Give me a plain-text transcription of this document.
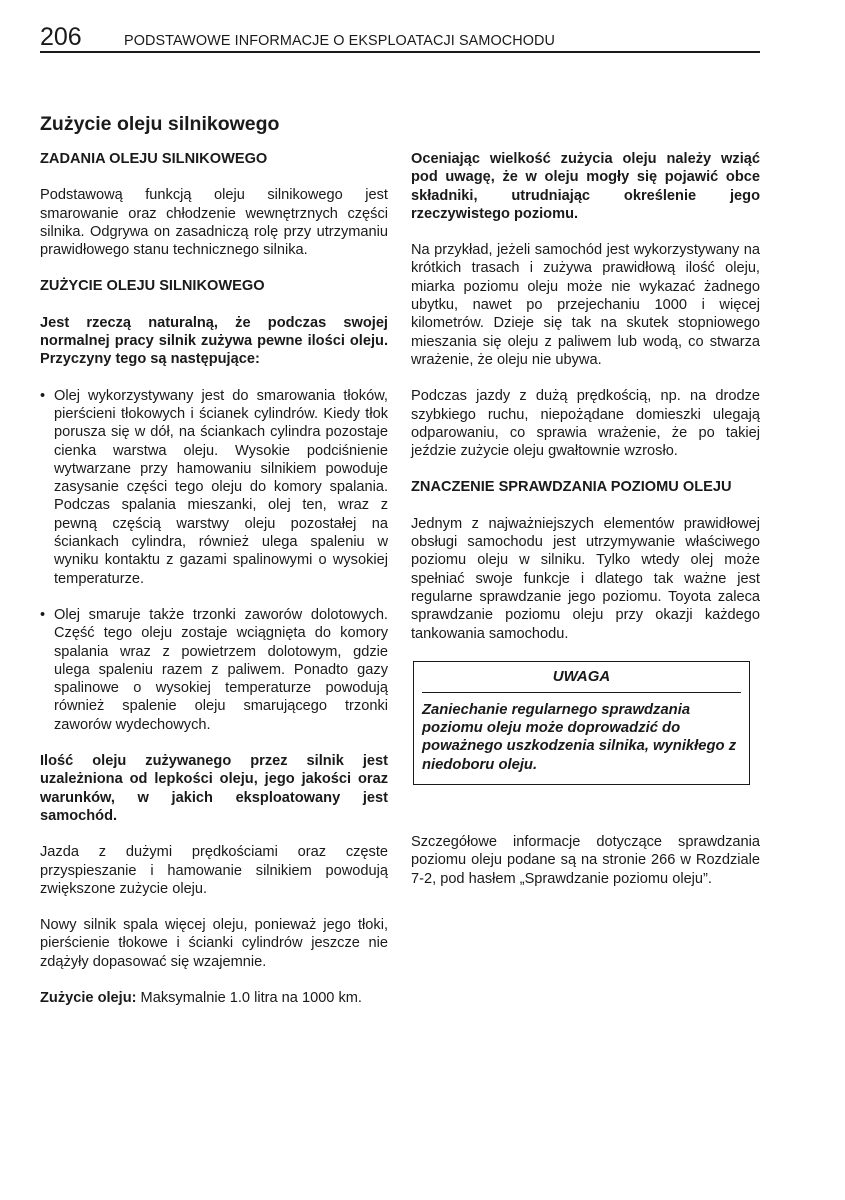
206	PODSTAWOWE INFORMACJE O EKSPLOATACJI SAMOCHODU
Zużycie oleju silnikowego
ZADANIA OLEJU SILNIKOWEGO

Podstawową funkcją oleju silnikowego jest smarowanie oraz chłodzenie wewnętrznych części silnika. Odgrywa on zasadniczą rolę przy utrzymaniu prawidłowego stanu technicznego silnika.

ZUŻYCIE OLEJU SILNIKOWEGO

Jest rzeczą naturalną, że podczas swojej normalnej pracy silnik zużywa pewne ilości oleju. Przyczyny tego są następujące:

• Olej wykorzystywany jest do smarowania tłoków, pierścieni tłokowych i ścianek cylindrów. Kiedy tłok porusza się w dół, na ściankach cylindra pozostaje cienka warstwa oleju. Wysokie podciśnienie wytwarzane przy hamowaniu silnikiem powoduje zasysanie części tego oleju do komory spalania. Podczas spalania mieszanki, olej ten, wraz z pewną częścią warstwy oleju pozostałej na ściankach cylindra, również ulega spaleniu w wyniku kontaktu z gazami spalinowymi o wysokiej temperaturze.
• Olej smaruje także trzonki zaworów dolotowych. Część tego oleju zostaje wciągnięta do komory spalania wraz z powietrzem dolotowym, gdzie ulega spaleniu razem z paliwem. Ponadto gazy spalinowe o wysokiej temperaturze powodują również spalenie oleju smarującego trzonki zaworów wydechowych.

Ilość oleju zużywanego przez silnik jest uzależniona od lepkości oleju, jego jakości oraz warunków, w jakich eksploatowany jest samochód.

Jazda z dużymi prędkościami oraz częste przyspieszanie i hamowanie silnikiem powodują zwiększone zużycie oleju.

Nowy silnik spala więcej oleju, ponieważ jego tłoki, pierścienie tłokowe i ścianki cylindrów jeszcze nie zdążyły dopasować się wzajemnie.

Zużycie oleju: Maksymalnie 1.0 litra na 1000 km.

Oceniając wielkość zużycia oleju należy wziąć pod uwagę, że w oleju mogły się pojawić obce składniki, utrudniając określenie jego rzeczywistego poziomu.

Na przykład, jeżeli samochód jest wykorzystywany na krótkich trasach i zużywa prawidłową ilość oleju, miarka poziomu oleju może nie wykazać żadnego ubytku, nawet po przejechaniu 1000 i więcej kilometrów. Dzieje się tak na skutek stopniowego mieszania się oleju z paliwem lub wodą, co stwarza wrażenie, że oleju nie ubywa.

Podczas jazdy z dużą prędkością, np. na drodze szybkiego ruchu, niepożądane domieszki ulegają odparowaniu, co sprawia wrażenie, że po takiej jeździe zużycie oleju gwałtownie wzrosło.

ZNACZENIE SPRAWDZANIA POZIOMU OLEJU

Jednym z najważniejszych elementów prawidłowej obsługi samochodu jest utrzymywanie właściwego poziomu oleju w silniku. Tylko wtedy olej może spełniać swoje funkcje i dlatego tak ważne jest regularne sprawdzanie jego poziomu. Toyota zaleca sprawdzanie poziomu oleju przy okazji każdego tankowania samochodu.

UWAGA
Zaniechanie regularnego sprawdzania poziomu oleju może doprowadzić do poważnego uszkodzenia silnika, wynikłego z niedoboru oleju.

Szczegółowe informacje dotyczące sprawdzania poziomu oleju podane są na stronie 266 w Rozdziale 7-2, pod hasłem „Sprawdzanie poziomu oleju”.
